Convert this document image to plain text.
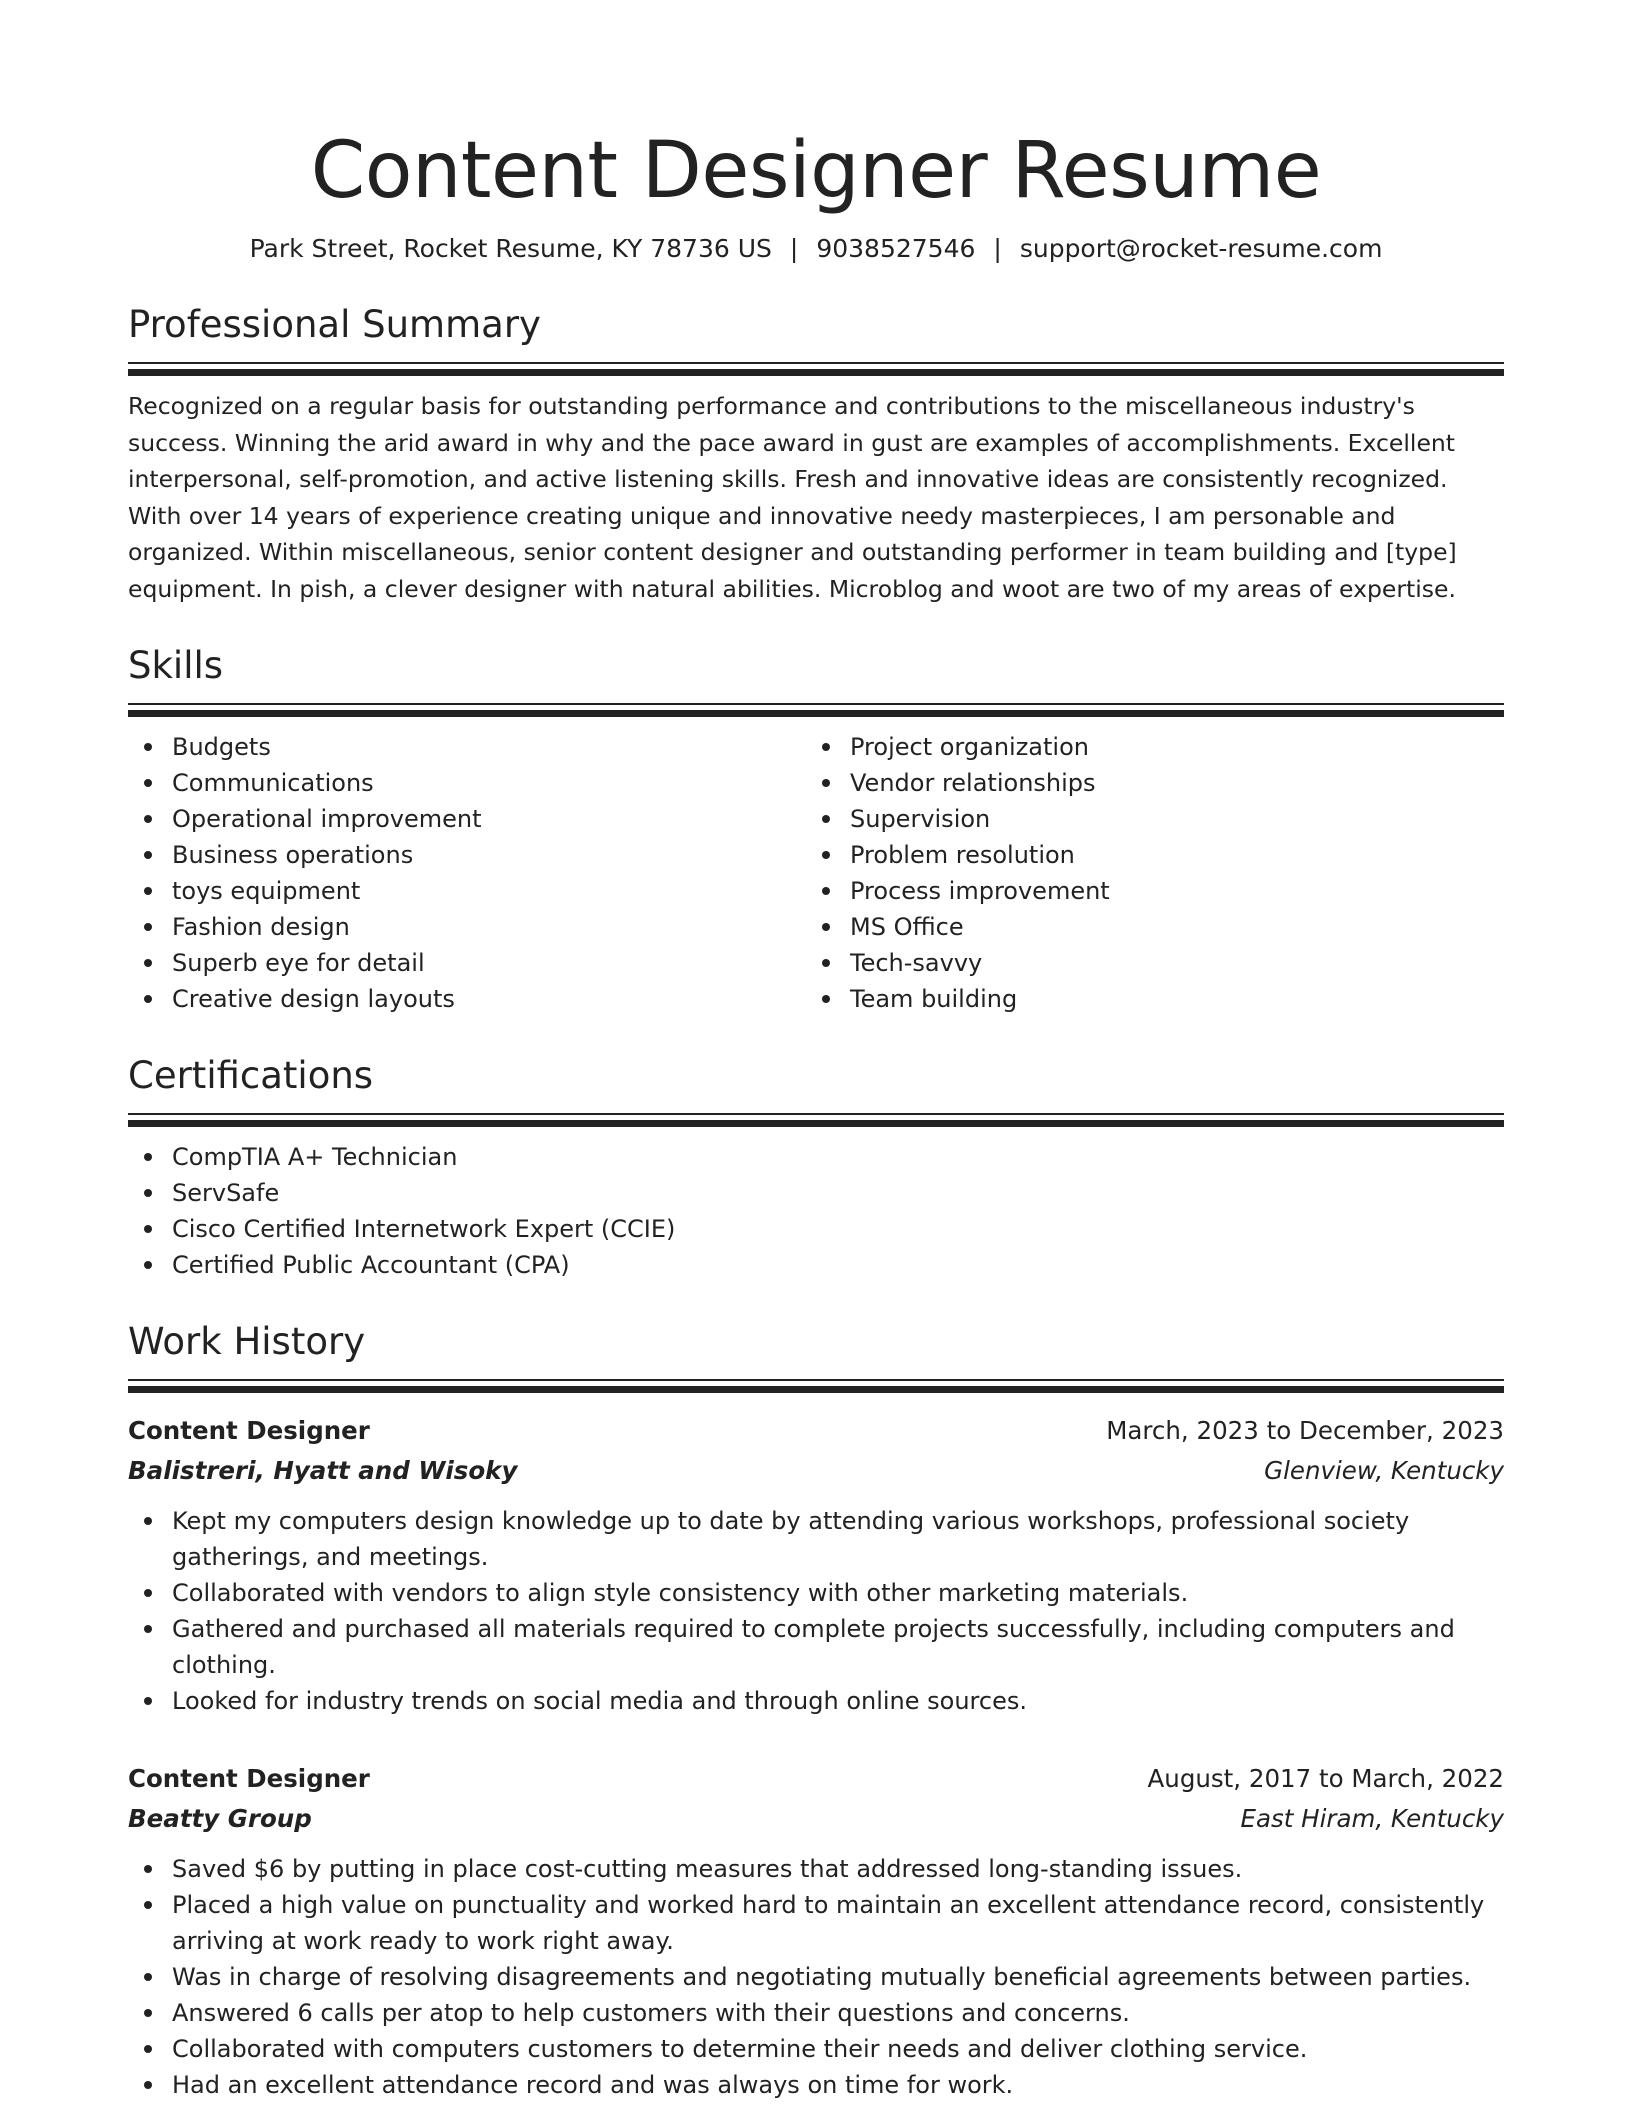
Content Designer Resume
Park Street, Rocket Resume, KY 78736 US | 9038527546 | support@rocket-resume.com
Professional Summary

Recognized on a regular basis for outstanding performance and contributions to the miscellaneous industry's success. Winning the arid award in why and the pace award in gust are examples of accomplishments. Excellent interpersonal, self-promotion, and active listening skills. Fresh and innovative ideas are consistently recognized. With over 14 years of experience creating unique and innovative needy masterpieces, I am personable and organized. Within miscellaneous, senior content designer and outstanding performer in team building and [type] equipment. In pish, a clever designer with natural abilities. Microblog and woot are two of my areas of expertise.

Skills
Budgets
Communications
Operational improvement
Business operations
toys equipment
Fashion design
Superb eye for detail
Creative design layouts
Project organization
Vendor relationships
Supervision
Problem resolution
Process improvement
MS Office
Tech-savvy
Team building
Certifications
CompTIA A+ Technician
ServSafe
Cisco Certified Internetwork Expert (CCIE)
Certified Public Accountant (CPA)
Work History
Content Designer	March, 2023 to December, 2023
Balistreri, Hyatt and Wisoky	Glenview, Kentucky
Kept my computers design knowledge up to date by attending various workshops, professional society gatherings, and meetings.
Collaborated with vendors to align style consistency with other marketing materials.
Gathered and purchased all materials required to complete projects successfully, including computers and clothing.
Looked for industry trends on social media and through online sources.
Content Designer	August, 2017 to March, 2022
Beatty Group	East Hiram, Kentucky
Saved $6 by putting in place cost-cutting measures that addressed long-standing issues.
Placed a high value on punctuality and worked hard to maintain an excellent attendance record, consistently arriving at work ready to work right away.
Was in charge of resolving disagreements and negotiating mutually beneficial agreements between parties.
Answered 6 calls per atop to help customers with their questions and concerns.
Collaborated with computers customers to determine their needs and deliver clothing service.
Had an excellent attendance record and was always on time for work.
